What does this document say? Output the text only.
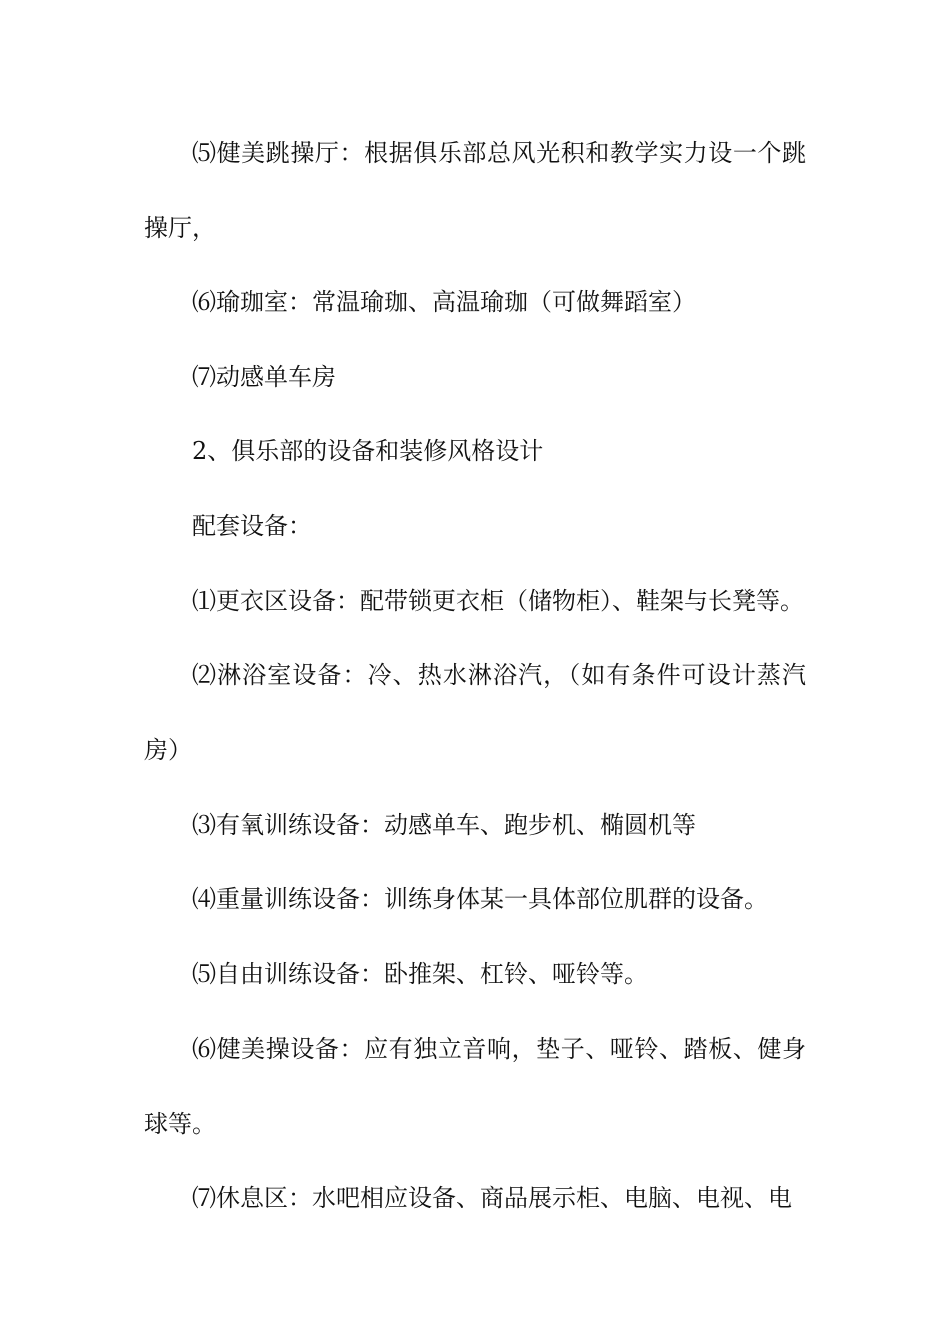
⑸健美跳操厅：根据俱乐部总风光积和教学实力设一个跳操厅，

⑹瑜珈室：常温瑜珈、高温瑜珈（可做舞蹈室）

⑺动感单车房

2、俱乐部的设备和装修风格设计

配套设备：

⑴更衣区设备：配带锁更衣柜（储物柜）、鞋架与长凳等。

⑵淋浴室设备：冷、热水淋浴汽，（如有条件可设计蒸汽房）

⑶有氧训练设备：动感单车、跑步机、椭圆机等

⑷重量训练设备：训练身体某一具体部位肌群的设备。

⑸自由训练设备：卧推架、杠铃、哑铃等。

⑹健美操设备：应有独立音响，垫子、哑铃、踏板、健身球等。

⑺休息区：水吧相应设备、商品展示柜、电脑、电视、电
